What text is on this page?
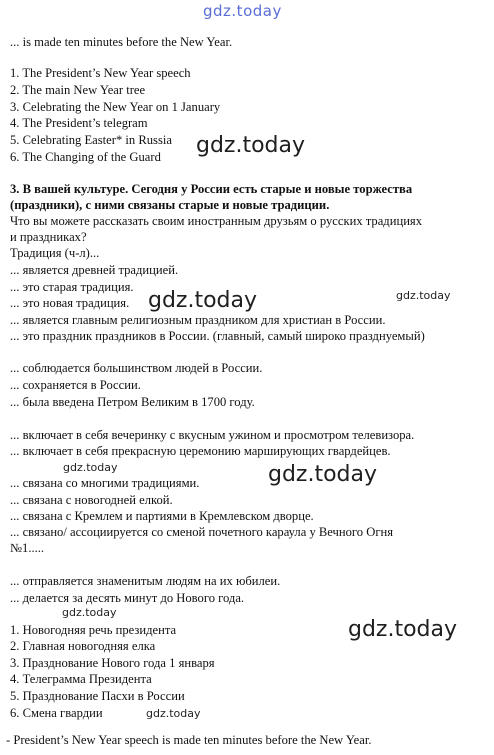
gdz.today
gdz.today
gdz.today	gdz.today
gdz.today
gdz.today
gdz.today
gdz.today
gdz.today
... is made ten minutes before the New Year.
1. The President’s New Year speech
2. The main New Year tree
3. Celebrating the New Year on 1 January
4. The President’s telegram
5. Celebrating Easter* in Russia
6. The Changing of the Guard
3. В вашей культуре. Сегодня у России есть старые и новые торжества
(праздники), с ними связаны старые и новые традиции.
Что вы можете рассказать своим иностранным друзьям о русских традициях
и праздниках?
Традиция (ч-л)...
... является древней традицией.
... это старая традиция.
... это новая традиция.
... является главным религиозным праздником для христиан в России.
... это праздник праздников в России. (главный, самый широко празднуемый)
... соблюдается большинством людей в России.
... сохраняется в России.
... была введена Петром Великим в 1700 году.
... включает в себя вечеринку с вкусным ужином и просмотром телевизора.
... включает в себя прекрасную церемонию марширующих гвардейцев.
... связана со многими традициями.
... связана с новогодней елкой.
... связана с Кремлем и партиями в Кремлевском дворце.
... связано/ ассоциируется со сменой почетного караула у Вечного Огня
№1.....
... отправляется знаменитым людям на их юбилеи.
... делается за десять минут до Нового года.
1. Новогодняя речь президента
2. Главная новогодняя елка
3. Празднование Нового года 1 января
4. Телеграмма Президента
5. Празднование Пасхи в России
6. Смена гвардии
- President’s New Year speech is made ten minutes before the New Year.
